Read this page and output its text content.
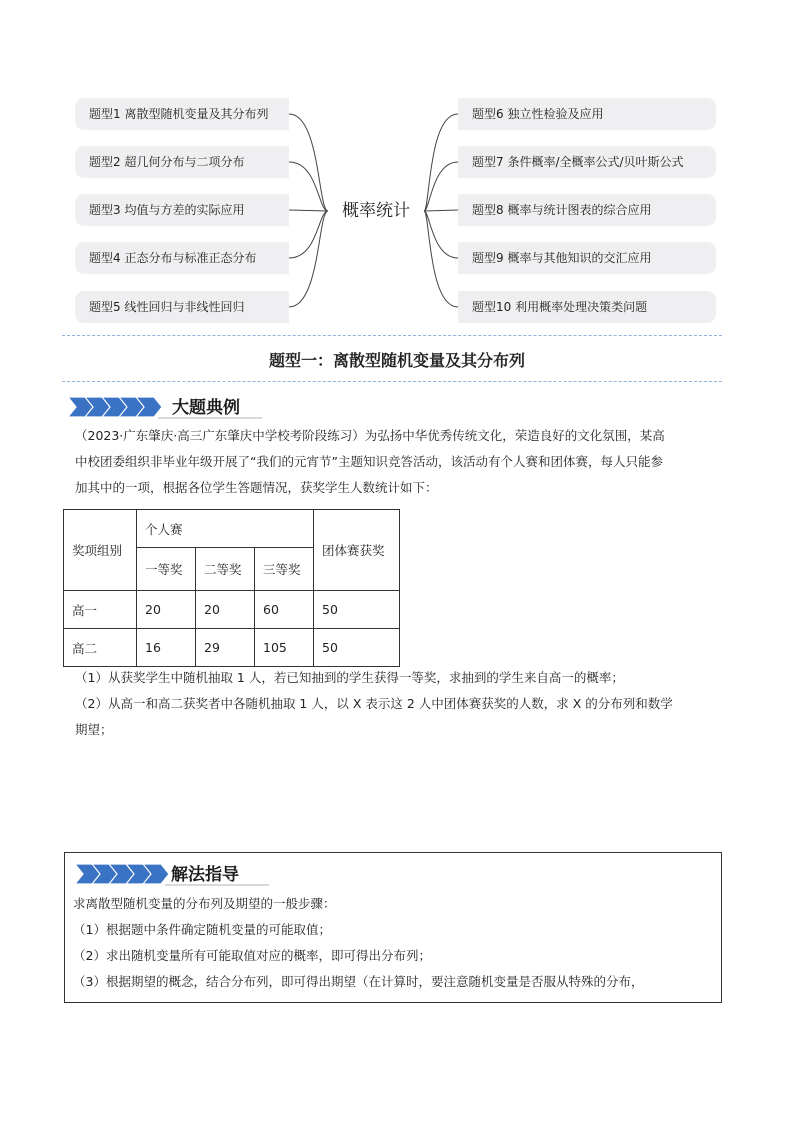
题型1 离散型随机变量及其分布列
题型2 超几何分布与二项分布
题型3 均值与方差的实际应用
题型4 正态分布与标准正态分布
题型5 线性回归与非线性回归
题型6 独立性检验及应用
题型7 条件概率/全概率公式/贝叶斯公式
题型8 概率与统计图表的综合应用
题型9 概率与其他知识的交汇应用
题型10 利用概率处理决策类问题
概率统计
题型一：离散型随机变量及其分布列
大题典例
（2023·广东肇庆·高三广东肇庆中学校考阶段练习）为弘扬中华优秀传统文化，荣造良好的文化氛围，某高
中校团委组织非毕业年级开展了“我们的元宵节”主题知识竞答活动，该活动有个人赛和团体赛，每人只能参
加其中的一项，根据各位学生答题情况，获奖学生人数统计如下：
奖项组别	个人赛			团体赛获奖
	一等奖	二等奖	三等奖	
高一	20	20	60	50
高二	16	29	105	50
（1）从获奖学生中随机抽取 1 人，若已知抽到的学生获得一等奖，求抽到的学生来自高一的概率；
（2）从高一和高二获奖者中各随机抽取 1 人，以 X 表示这 2 人中团体赛获奖的人数，求 X 的分布列和数学
期望；
解法指导
求离散型随机变量的分布列及期望的一般步骤：
（1）根据题中条件确定随机变量的可能取值；
（2）求出随机变量所有可能取值对应的概率，即可得出分布列；
（3）根据期望的概念，结合分布列，即可得出期望（在计算时，要注意随机变量是否服从特殊的分布，
